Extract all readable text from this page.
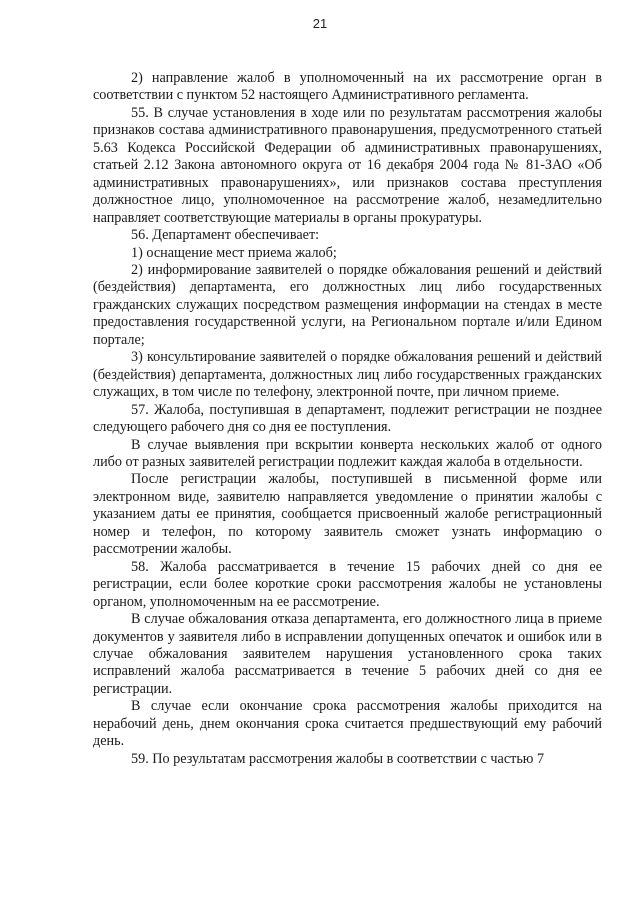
21

2) направление жалоб в уполномоченный на их рассмотрение орган в соответствии с пунктом 52 настоящего Административного регламента.

55. В случае установления в ходе или по результатам рассмотрения жалобы признаков состава административного правонарушения, предусмотренного статьей 5.63 Кодекса Российской Федерации об административных правонарушениях, статьей 2.12 Закона автономного округа от 16 декабря 2004 года № 81-ЗАО «Об административных правонарушениях», или признаков состава преступления должностное лицо, уполномоченное на рассмотрение жалоб, незамедлительно направляет соответствующие материалы в органы прокуратуры.

56. Департамент обеспечивает:

1) оснащение мест приема жалоб;

2) информирование заявителей о порядке обжалования решений и действий (бездействия) департамента, его должностных лиц либо государственных гражданских служащих посредством размещения информации на стендах в месте предоставления государственной услуги, на Региональном портале и/или Едином портале;

3) консультирование заявителей о порядке обжалования решений и действий (бездействия) департамента, должностных лиц либо государственных гражданских служащих, в том числе по телефону, электронной почте, при личном приеме.

57. Жалоба, поступившая в департамент, подлежит регистрации не позднее следующего рабочего дня со дня ее поступления.

В случае выявления при вскрытии конверта нескольких жалоб от одного либо от разных заявителей регистрации подлежит каждая жалоба в отдельности.

После регистрации жалобы, поступившей в письменной форме или электронном виде, заявителю направляется уведомление о принятии жалобы с указанием даты ее принятия, сообщается присвоенный жалобе регистрационный номер и телефон, по которому заявитель сможет узнать информацию о рассмотрении жалобы.

58. Жалоба рассматривается в течение 15 рабочих дней со дня ее регистрации, если более короткие сроки рассмотрения жалобы не установлены органом, уполномоченным на ее рассмотрение.

В случае обжалования отказа департамента, его должностного лица в приеме документов у заявителя либо в исправлении допущенных опечаток и ошибок или в случае обжалования заявителем нарушения установленного срока таких исправлений жалоба рассматривается в течение 5 рабочих дней со дня ее регистрации.

В случае если окончание срока рассмотрения жалобы приходится на нерабочий день, днем окончания срока считается предшествующий ему рабочий день.

59. По результатам рассмотрения жалобы в соответствии с частью 7
